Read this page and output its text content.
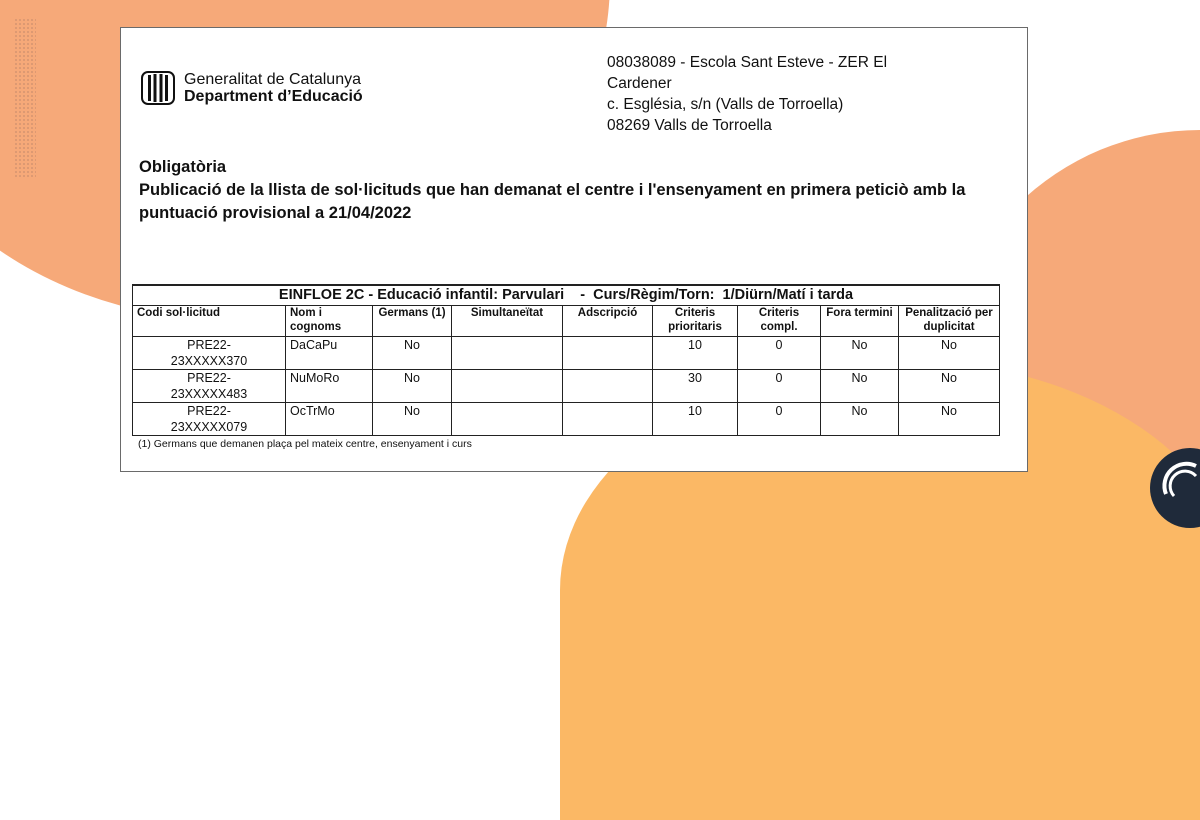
Generalitat de Catalunya
Department d’Educació
08038089 - Escola Sant Esteve - ZER El
Cardener
c. Església, s/n (Valls de Torroella)
08269 Valls de Torroella
Obligatòria
Publicació de la llista de sol·licituds que han demanat el centre i l'ensenyament en primera peticiò amb la puntuació provisional a 21/04/2022
EINFLOE 2C - Educació infantil: Parvulari    -  Curs/Règim/Torn:  1/Diürn/Matí i tarda								
Codi sol·licitud	Nom i cognoms	Germans (1)	Simultaneïtat	Adscripció	Criteris prioritaris	Criteris compl.	Fora termini	Penalització per duplicitat

PRE22-
23XXXXX370	DaCaPu	No			10	0	No	No

PRE22-
23XXXXX483	NuMoRo	No			30	0	No	No

PRE22-
23XXXXX079	OcTrMo	No			10	0	No	No
(1) Germans que demanen plaça pel mateix centre, ensenyament i curs
